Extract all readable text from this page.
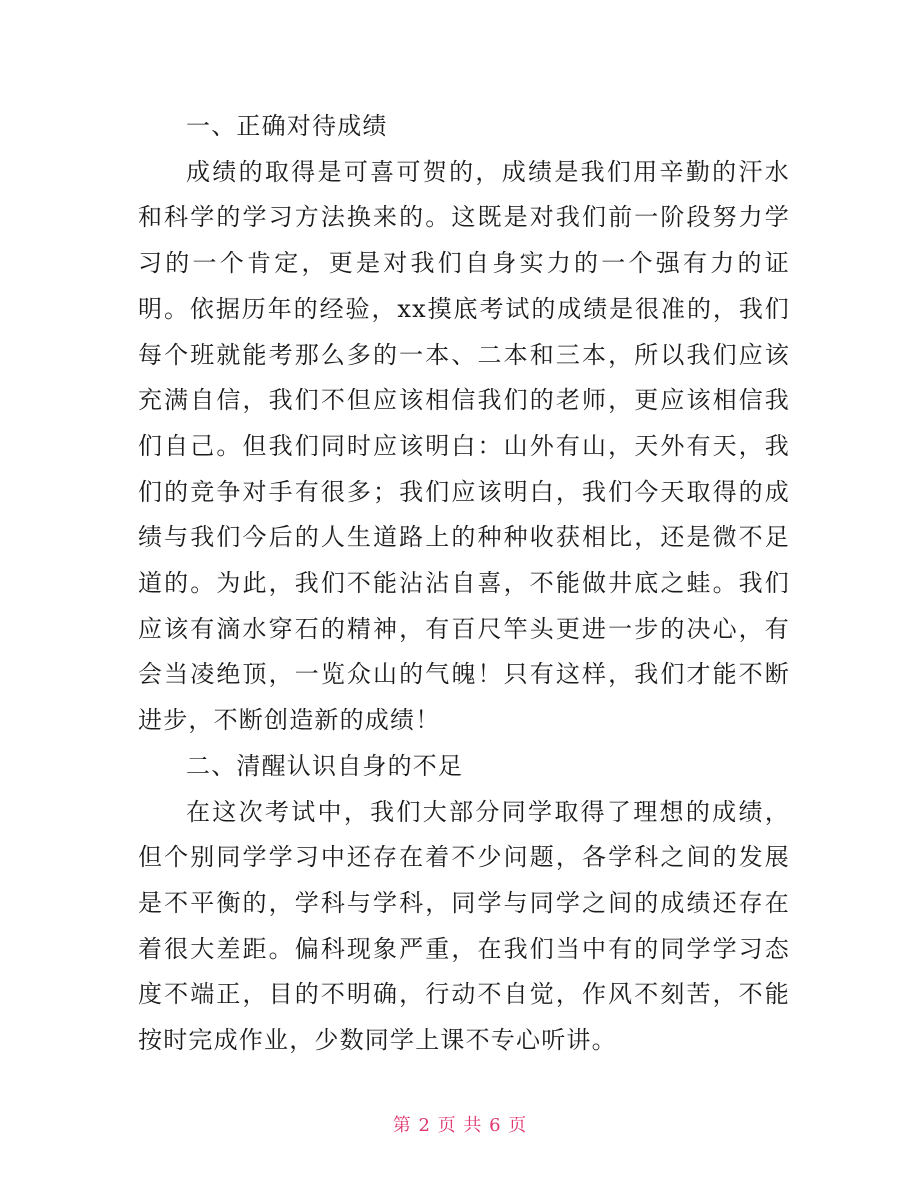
一、正确对待成绩

成绩的取得是可喜可贺的，成绩是我们用辛勤的汗水和科学的学习方法换来的。这既是对我们前一阶段努力学习的一个肯定，更是对我们自身实力的一个强有力的证明。依据历年的经验，xx摸底考试的成绩是很准的，我们每个班就能考那么多的一本、二本和三本，所以我们应该充满自信，我们不但应该相信我们的老师，更应该相信我们自己。但我们同时应该明白：山外有山，天外有天，我们的竞争对手有很多；我们应该明白，我们今天取得的成绩与我们今后的人生道路上的种种收获相比，还是微不足道的。为此，我们不能沾沾自喜，不能做井底之蛙。我们应该有滴水穿石的精神，有百尺竿头更进一步的决心，有会当凌绝顶，一览众山的气魄！只有这样，我们才能不断进步，不断创造新的成绩！

二、清醒认识自身的不足

在这次考试中，我们大部分同学取得了理想的成绩，但个别同学学习中还存在着不少问题，各学科之间的发展是不平衡的，学科与学科，同学与同学之间的成绩还存在着很大差距。偏科现象严重，在我们当中有的同学学习态度不端正，目的不明确，行动不自觉，作风不刻苦，不能按时完成作业，少数同学上课不专心听讲。

第 2 页 共 6 页
